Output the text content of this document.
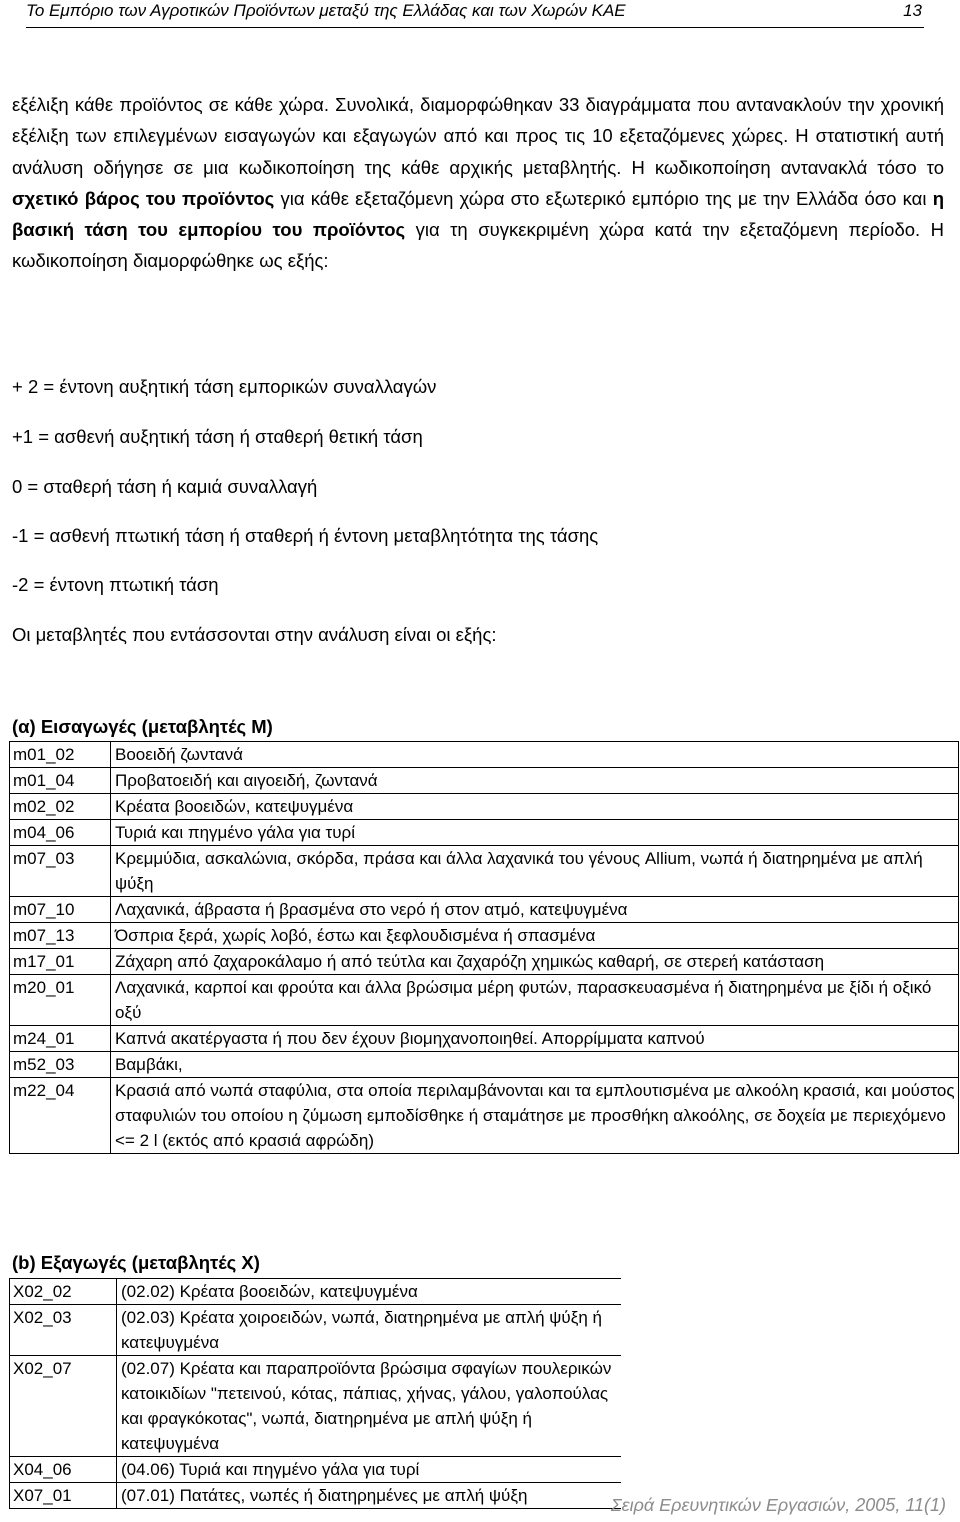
Το Εμπόριο των Αγροτικών Προϊόντων μεταξύ της Ελλάδας και των Χωρών ΚΑΕ	13

εξέλιξη κάθε προϊόντος σε κάθε χώρα. Συνολικά, διαμορφώθηκαν 33 διαγράμματα που αντανακλούν την χρονική εξέλιξη των επιλεγμένων εισαγωγών και εξαγωγών από και προς τις 10 εξεταζόμενες χώρες. Η στατιστική αυτή ανάλυση οδήγησε σε μια κωδικοποίηση της κάθε αρχικής μεταβλητής. Η κωδικοποίηση αντανακλά τόσο το σχετικό βάρος του προϊόντος για κάθε εξεταζόμενη χώρα στο εξωτερικό εμπόριο της με την Ελλάδα όσο και η βασική τάση του εμπορίου του προϊόντος για τη συγκεκριμένη χώρα κατά την εξεταζόμενη περίοδο. Η κωδικοποίηση διαμορφώθηκε ως εξής:

+ 2 = έντονη αυξητική τάση εμπορικών συναλλαγών
+1 = ασθενή αυξητική τάση ή σταθερή θετική τάση
0 = σταθερή τάση ή καμιά συναλλαγή
-1 = ασθενή πτωτική τάση ή σταθερή ή έντονη μεταβλητότητα της τάσης
-2 = έντονη πτωτική τάση
Οι μεταβλητές που εντάσσονται στην ανάλυση είναι οι εξής:
(α) Εισαγωγές (μεταβλητές Μ)
m01_02	Βοοειδή ζωντανά
m01_04	Προβατοειδή και αιγοειδή, ζωντανά
m02_02	Κρέατα βοοειδών, κατεψυγμένα
m04_06	Τυριά και πηγμένο γάλα για τυρί
m07_03	Κρεμμύδια, ασκαλώνια, σκόρδα, πράσα και άλλα λαχανικά του γένους Allium, νωπά ή διατηρημένα με απλή ψύξη
m07_10	Λαχανικά, άβραστα ή βρασμένα στο νερό ή στον ατμό, κατεψυγμένα
m07_13	Όσπρια ξερά, χωρίς λοβό, έστω και ξεφλουδισμένα ή σπασμένα
m17_01	Ζάχαρη από ζαχαροκάλαμο ή από τεύτλα και ζαχαρόζη χημικώς καθαρή, σε στερεή κατάσταση
m20_01	Λαχανικά, καρποί και φρούτα και άλλα βρώσιμα μέρη φυτών, παρασκευασμένα ή διατηρημένα με ξίδι ή οξικό οξύ
m24_01	Καπνά ακατέργαστα ή που δεν έχουν βιομηχανοποιηθεί. Απορρίμματα καπνού
m52_03	Βαμβάκι,
m22_04	Κρασιά από νωπά σταφύλια, στα οποία περιλαμβάνονται και τα εμπλουτισμένα με αλκοόλη κρασιά, και μούστος σταφυλιών του οποίου η ζύμωση εμποδίσθηκε ή σταμάτησε με προσθήκη αλκοόλης, σε δοχεία με περιεχόμενο <= 2 l (εκτός από κρασιά αφρώδη)
(b) Εξαγωγές (μεταβλητές Χ)
X02_02	(02.02) Κρέατα βοοειδών, κατεψυγμένα
X02_03	(02.03) Κρέατα χοιροειδών, νωπά, διατηρημένα με απλή ψύξη ή κατεψυγμένα
X02_07	(02.07) Κρέατα και παραπροϊόντα βρώσιμα σφαγίων πουλερικών κατοικιδίων "πετεινού, κότας, πάπιας, χήνας, γάλου, γαλοπούλας και φραγκόκοτας", νωπά, διατηρημένα με απλή ψύξη ή κατεψυγμένα
X04_06	(04.06) Τυριά και πηγμένο γάλα για τυρί
X07_01	(07.01) Πατάτες, νωπές ή διατηρημένες με απλή ψύξη	Σειρά Ερευνητικών Εργασιών, 2005, 11(1)
